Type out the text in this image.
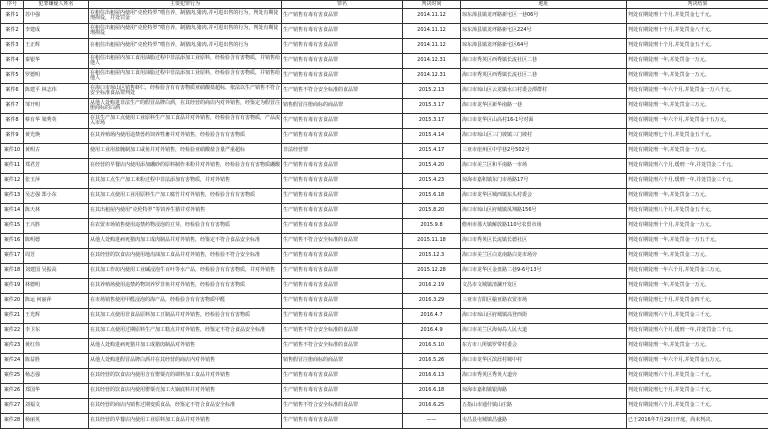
序号	犯罪嫌疑人姓名	主要犯罪行为	罪名	判决时间	地址	判决结果
案件1	苏中强	在租住出租屋内使用“克伦特罗”喂自养，制猪肉,猪肉,并可进出售的行为，判处有期徒刑拘役，并处罚金	生产销售有毒有害食品罪	2014.11.12	琼东漳县镇龙坪路新宅区一巷06号	判处有期徒刑十个月,并处罚金七千元。
案件2	李建成	在租住出租屋内使用“克伦特罗”喂自养，制猪肉,猪肉,并可进出售的行为，判处有期徒刑拘役	生产销售有毒有害食品罪	2014.11.12	琼东漳县镇龙坪路新宅区224号	判处有期徒刑十个月,并处罚金八千元。
案件3	王正辉	在租住出租屋内使用“克伦特罗”喂自养，制猪肉,猪肉,并可进出售的行为	生产销售有毒有害食品罪	2014.11.12	琼东漳县镇龙坪路新宅区64号	判处有期徒刑十个月,并处罚金五千元。
案件4	秦银华	在租住出租屋内加工食用油脂过程中非法添加工业原料，经检验含有害物质，并销售给他人	生产销售有毒有害食品罪	2014.12.31	海口市秀英区西秀镇长流社区二巷	判处有期徒刑一年,并处罚金一万元。
案件5	罗德明	在租住出租屋内加工食用油脂过程中非法添加工业原料，经检验含有害物质，并销售给他人	生产销售有毒有害食品罪	2014.12.31	海口市秀英区西秀镇长流社区二巷	判处有期徒刑一年,并处罚金一万元。
案件6	陈建平 林志伟	在海口市琼山区销售虾仁，经检验含有有害物质亚硝酸盐超标，依法以生产销售不符合安全标准食品罪判处	生产销售不符合安全标准的食品罪	2015.2.13	海口市琼山区云龙镇水口村委会潭群村	判处有期徒刑一年六个月,并处罚金一万六千元。
案件7	邹开明	从他人处购进非法生产的假冒品牌白酒，在其经营的商店内对外销售，经鉴定为假冒注册商标的白酒	销售假冒注册商标的商品罪	2015.3.17	海口市龙华区新华南路一巷	判处有期徒刑一年,并处罚金三万元。
案件8	蔡有华 梁秀英	在其生产加工点使用工业原料生产加工食品并对外销售，经检验含有有害物质，产品流入市场	生产销售有毒有害食品罪	2015.3.17	海口市龙华区山高村16-1号对面	判处有期徒刑一年六个月,并处罚金十五万元。
案件9	黄光焕	在其养殖场内使用违禁兽药饲养牲畜并对外销售，经检验含有有害物质	生产销售有毒有害食品罪	2015.4.14	海口市琼山区三门坡镇三门坡村	判处有期徒刑七个月,并处罚金五千元。
案件10	黄明古	使用工业用盐腌制加工咸鱼并对外销售，经检验亚硝酸盐含量严重超标	非法经营罪	2015.4.17	三亚市崖州区中学巷2号502号	判处有期徒刑一年,并处罚金一万元。
案件11	郑君芳	在经营的早餐店内使用添加硼砂的原料制作米粉并对外销售，经检验含有有害物质硼酸	生产销售有毒有害食品罪	2015.4.20	海口市美兰区和平南路一市场	判处有期徒刑六个月,缓刑一年,并处罚金二千元。
案件12	张玉萍	在其加工点生产加工米粉过程中非法添加有害物质，并对外销售	生产销售有毒有害食品罪	2015.4.23	琼海市嘉积镇东门市场路17号	判处有期徒刑六个月,缓刑一年,并处罚金三千元。
案件13	吴志强 郑小东	在其加工点使用工业用原料生产加工腐竹并对外销售，经检验含有有害物质	生产销售有毒有害食品罪	2015.6.18	海口市龙华区城西镇东头村委会	判处有期徒刑一年,并处罚金二万元。
案件14	陈天林	在其出租屋内使用“克伦特罗”等饲养生猪并对外销售	生产销售有毒有害食品罪	2015.8.20	海口市琼山区府城镇凤翔路156号	判处有期徒刑八个月,并处罚金五千元。
案件15	王兴胜	在农贸市场销售使用违禁药物浸泡的豆芽，经检验含有有害物质	生产销售有毒有害食品罪	2015.9.8	儋州市那大镇解放路110号农贸市场	判处有期徒刑十个月,并处罚金一万元。
案件16	陈明德	从他人处购进病死猪肉加工成肉制品并对外销售，经鉴定不符合食品安全标准	生产销售不符合安全标准的食品罪	2015.11.18	海口市秀英区长流镇长德社区	判处有期徒刑一年,并处罚金一万五千元。
案件17	周芳	在其经营的饮食店内使用地沟油加工食品并对外销售，经检验不符合安全标准	生产销售有毒有害食品罪	2015.12.3	海口市美兰区白龙南路白龙市场旁	判处有期徒刑一年,并处罚金二万元。
案件18	刘建国 吴振高	在其加工作坊内使用工业碱浸泡牛百叶等水产品，经检验含有有害物质，并对外销售	生产销售有毒有害食品罪	2015.12.28	海口市龙华区金盘路二巷9-6号13号	判处有期徒刑一年六个月,并处罚金三万元。
案件19	林德明	在其养殖场使用违禁药物饲养罗非鱼并对外销售，经检验含有有害物质	生产销售有毒有害食品罪	2016.2.19	文昌市文城镇清澜开发区	判处有期徒刑一年,并处罚金一万元。
案件20	陈运 何丽萍	在市场销售使用甲醛浸泡的海产品，经检验含有有害物质甲醛	生产销售有毒有害食品罪	2016.3.29	三亚市吉阳区榆亚路农贸市场	判处有期徒刑七个月,并处罚金四千元。
案件21	王光辉	在其加工点使用非食品原料加工豆制品并对外销售，经检验含有有害物质	生产销售有毒有害食品罪	2016.4.7	海口市琼山区府城镇高登西街	判处有期徒刑六个月,并处罚金三千元。
案件22	李卫东	在其加工点使用过期原料生产加工糕点并对外销售，经鉴定不符合食品安全标准	生产销售不符合安全标准的食品罪	2016.4.9	海口市美兰区海甸岛人民大道	判处有期徒刑六个月,缓刑一年,并处罚金二千元。
案件23	黄红伟	从他人处购进病死猪并加工成猪肉制品对外销售	生产销售不符合安全标准的食品罪	2016.5.10	东方市八所镇罗带村委会	判处有期徒刑一年,并处罚金一万元。
案件24	陈益胜	从他人处购进假冒品牌白酒并在其经营的商店内对外销售	销售假冒注册商标的商品罪	2016.5.26	海口市龙华区滨涯村城中村	判处有期徒刑一年六个月,并处罚金五万元。
案件25	杨志强	在其经营的饮食店内使用含有罂粟壳的调料加工食品并对外销售	生产销售有毒有害食品罪	2016.6.13	海口市秀英区秀英大道旁	判处有期徒刑六个月,并处罚金二千元。
案件26	郑国华	在其经营的饮食店内使用罂粟壳加工火锅底料并对外销售	生产销售有毒有害食品罪	2016.6.18	琼海市嘉积镇银海路	判处有期徒刑七个月,并处罚金三千元。
案件27	刘福文	在其经营的商店内销售过期变质食品，经鉴定不符合食品安全标准	生产销售不符合安全标准的食品罪	2016.6.25	五指山市通什镇山庄路	判处有期徒刑六个月,并处罚金二千元。
案件28	杨丽英	在其经营的早餐店内使用工业原料加工食品并对外销售	生产销售有毒有害食品罪	——	屯昌县屯城镇昌盛路	已于2016年7月29日开庭，尚未判决。
